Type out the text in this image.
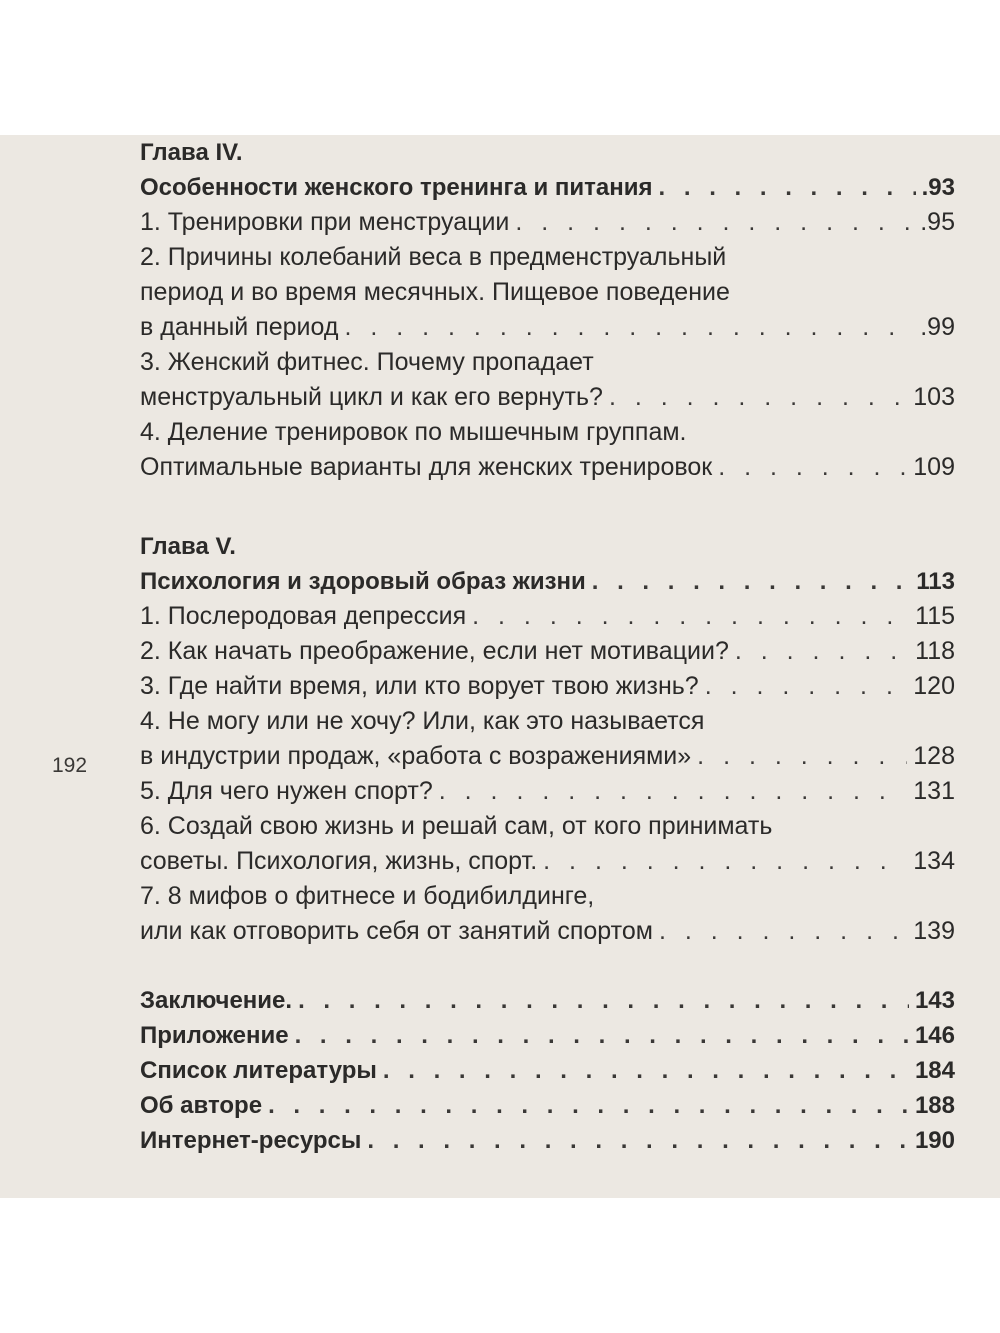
192
Глава IV.
Особенности женского тренинга и питания . . .	.93
1. Тренировки при менструации . . .	.95
2. Причины колебаний веса в предменструальный
период и во время месячных. Пищевое поведение
в данный период . . .	.99
3. Женский фитнес. Почему пропадает
менструальный цикл и как его вернуть? . . .	103
4. Деление тренировок по мышечным группам.
Оптимальные варианты для женских тренировок . . .	109
Глава V.
Психология и здоровый образ жизни . . .	113
1. Послеродовая депрессия . . .	115
2. Как начать преображение, если нет мотивации? . . .	118
3. Где найти время, или кто ворует твою жизнь? . . .	120
4. Не могу или не хочу? Или, как это называется
в индустрии продаж, «работа с возражениями» . . .	128
5. Для чего нужен спорт? . . .	131
6. Создай свою жизнь и решай сам, от кого принимать
советы. Психология, жизнь, спорт. . . .	134
7. 8 мифов о фитнесе и бодибилдинге,
или как отговорить себя от занятий спортом . . .	139
Заключение. . . .	143
Приложение . . .	146
Список литературы . . .	184
Об авторе . . .	188
Интернет-ресурсы . . .	190
